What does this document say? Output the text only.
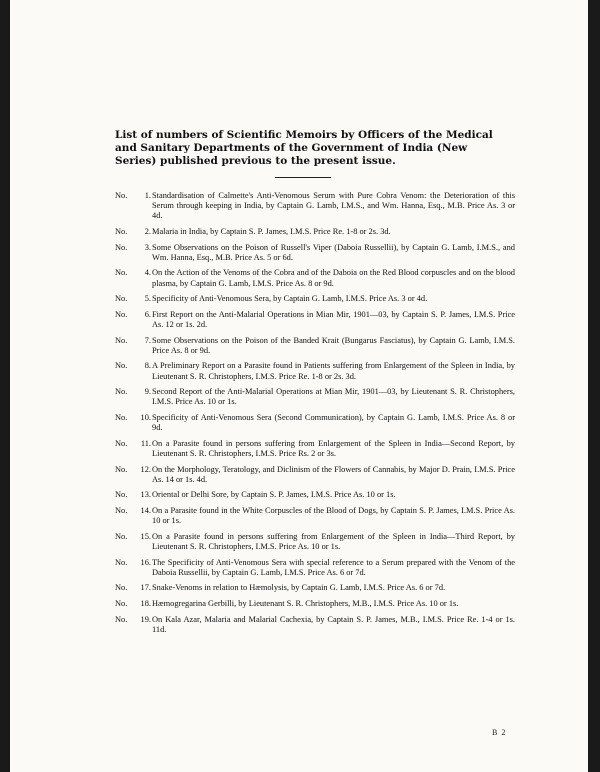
List of numbers of Scientific Memoirs by Officers of the Medical and Sanitary Departments of the Government of India (New Series) published previous to the present issue.
No. 1. Standardisation of Calmette's Anti-Venomous Serum with Pure Cobra Venom: the Deterioration of this Serum through keeping in India, by Captain G. Lamb, I.M.S., and Wm. Hanna, Esq., M.B. Price As. 3 or 4d.
No. 2. Malaria in India, by Captain S. P. James, I.M.S. Price Re. 1-8 or 2s. 3d.
No. 3. Some Observations on the Poison of Russell's Viper (Daboia Russellii), by Captain G. Lamb, I.M.S., and Wm. Hanna, Esq., M.B. Price As. 5 or 6d.
No. 4. On the Action of the Venoms of the Cobra and of the Daboia on the Red Blood corpuscles and on the blood plasma, by Captain G. Lamb, I.M.S. Price As. 8 or 9d.
No. 5. Specificity of Anti-Venomous Sera, by Captain G. Lamb, I.M.S. Price As. 3 or 4d.
No. 6. First Report on the Anti-Malarial Operations in Mian Mir, 1901—03, by Captain S. P. James, I.M.S. Price As. 12 or 1s. 2d.
No. 7. Some Observations on the Poison of the Banded Krait (Bungarus Fasciatus), by Captain G. Lamb, I.M.S. Price As. 8 or 9d.
No. 8. A Preliminary Report on a Parasite found in Patients suffering from Enlargement of the Spleen in India, by Lieutenant S. R. Christophers, I.M.S. Price Re. 1-8 or 2s. 3d.
No. 9. Second Report of the Anti-Malarial Operations at Mian Mir, 1901—03, by Lieutenant S. R. Christophers, I.M.S. Price As. 10 or 1s.
No. 10. Specificity of Anti-Venomous Sera (Second Communication), by Captain G. Lamb, I.M.S. Price As. 8 or 9d.
No. 11. On a Parasite found in persons suffering from Enlargement of the Spleen in India—Second Report, by Lieutenant S. R. Christophers, I.M.S. Price Rs. 2 or 3s.
No. 12. On the Morphology, Teratology, and Diclinism of the Flowers of Cannabis, by Major D. Prain, I.M.S. Price As. 14 or 1s. 4d.
No. 13. Oriental or Delhi Sore, by Captain S. P. James, I.M.S. Price As. 10 or 1s.
No. 14. On a Parasite found in the White Corpuscles of the Blood of Dogs, by Captain S. P. James, I.M.S. Price As. 10 or 1s.
No. 15. On a Parasite found in persons suffering from Enlargement of the Spleen in India—Third Report, by Lieutenant S. R. Christophers, I.M.S. Price As. 10 or 1s.
No. 16. The Specificity of Anti-Venomous Sera with special reference to a Serum prepared with the Venom of the Daboia Russellii, by Captain G. Lamb, I.M.S. Price As. 6 or 7d.
No. 17. Snake-Venoms in relation to Hæmolysis, by Captain G. Lamb, I.M.S. Price As. 6 or 7d.
No. 18. Hæmogregarina Gerbilli, by Lieutenant S. R. Christophers, M.B., I.M.S. Price As. 10 or 1s.
No. 19. On Kala Azar, Malaria and Malarial Cachexia, by Captain S. P. James, M.B., I.M.S. Price Re. 1-4 or 1s. 11d.
B 2
